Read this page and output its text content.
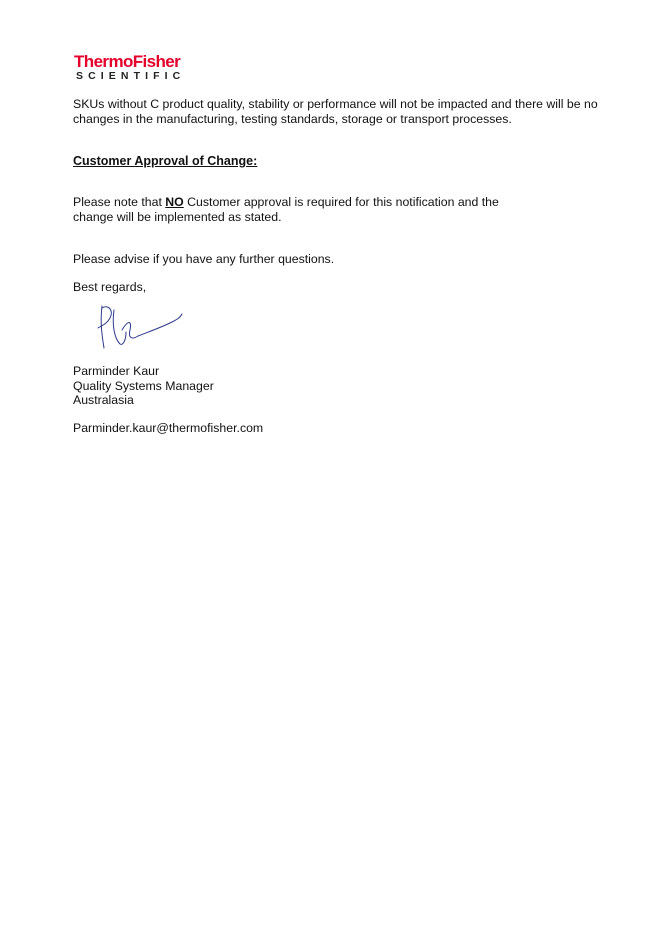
ThermoFisher
SCIENTIFIC

SKUs without C product quality, stability or performance will not be impacted and there will be no
changes in the manufacturing, testing standards, storage or transport processes.

Customer Approval of Change:

Please note that NO Customer approval is required for this notification and the
change will be implemented as stated.

Please advise if you have any further questions.

Best regards,

Parminder Kaur
Quality Systems Manager
Australasia
Parminder.kaur@thermofisher.com
